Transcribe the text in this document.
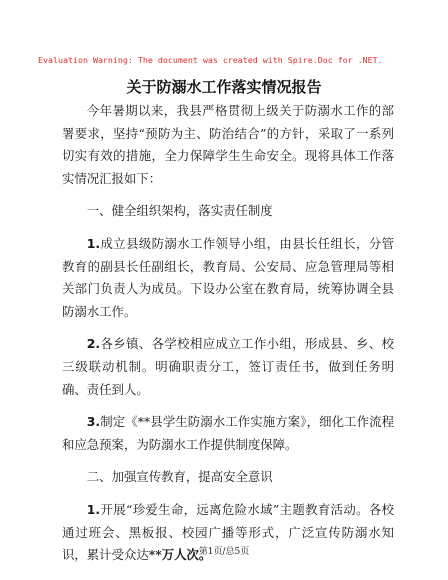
Evaluation Warning: The document was created with Spire.Doc for .NET.
关于防溺水工作落实情况报告

今年暑期以来，我县严格贯彻上级关于防溺水工作的部署要求，坚持“预防为主、防治结合”的方针，采取了一系列切实有效的措施，全力保障学生生命安全。现将具体工作落实情况汇报如下：

一、健全组织架构，落实责任制度

1.成立县级防溺水工作领导小组，由县长任组长，分管教育的副县长任副组长，教育局、公安局、应急管理局等相关部门负责人为成员。下设办公室在教育局，统筹协调全县防溺水工作。

2.各乡镇、各学校相应成立工作小组，形成县、乡、校三级联动机制。明确职责分工，签订责任书，做到任务明确、责任到人。

3.制定《**县学生防溺水工作实施方案》，细化工作流程和应急预案，为防溺水工作提供制度保障。

二、加强宣传教育，提高安全意识

1.开展“珍爱生命，远离危险水域”主题教育活动。各校通过班会、黑板报、校园广播等形式，广泛宣传防溺水知识，累计受众达**万人次。

第1页/总5页
